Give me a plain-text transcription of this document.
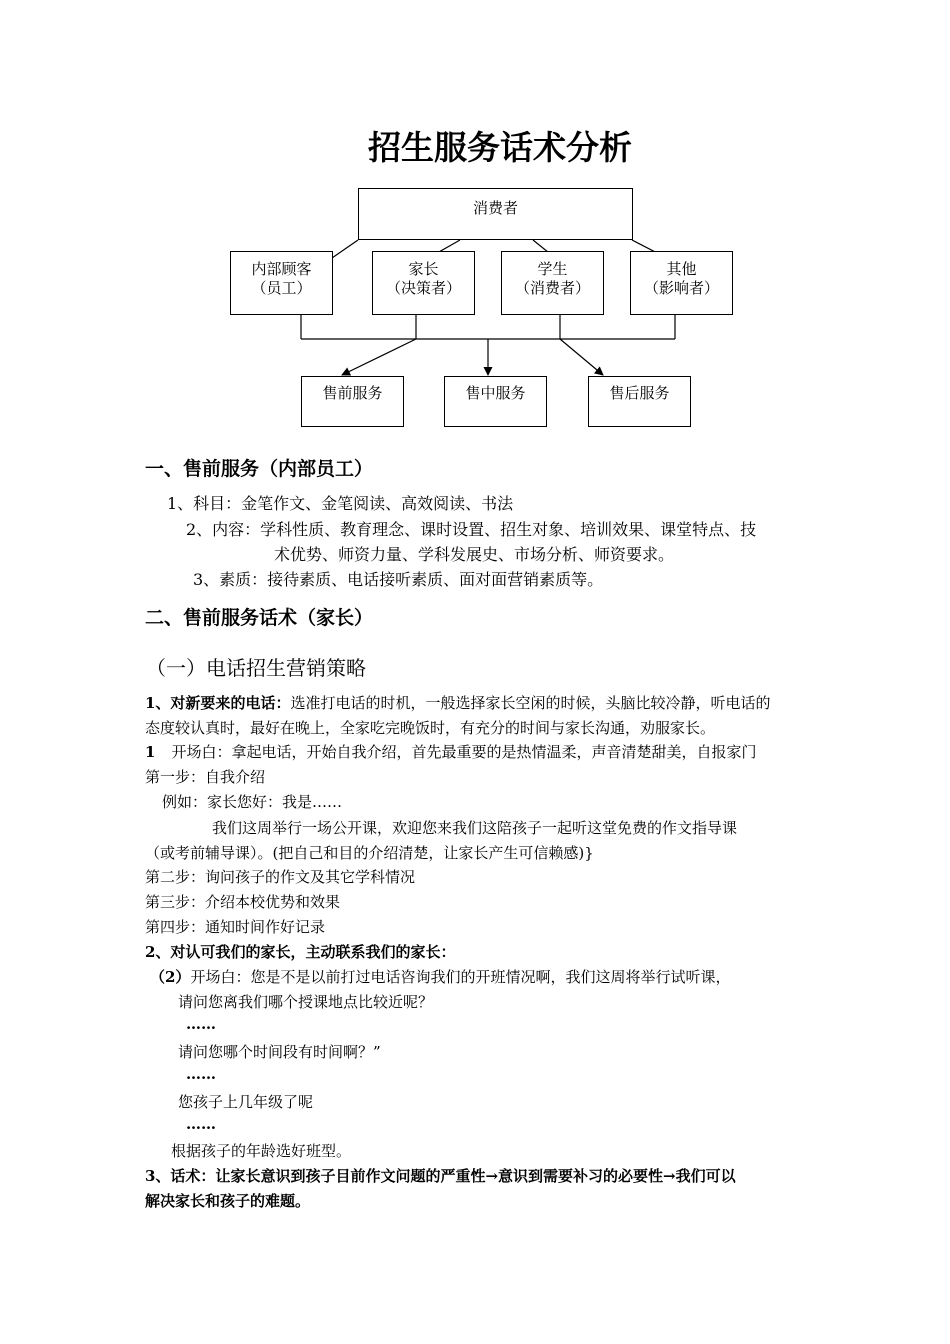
招生服务话术分析
消费者
内部顾客
（员工）
家长
（决策者）
学生
（消费者）
其他
（影响者）
售前服务	售中服务	售后服务
一、售前服务（内部员工）
1、科目：金笔作文、金笔阅读、高效阅读、书法
2、内容：学科性质、教育理念、课时设置、招生对象、培训效果、课堂特点、技
术优势、师资力量、学科发展史、市场分析、师资要求。
3、素质：接待素质、电话接听素质、面对面营销素质等。
二、售前服务话术（家长）
（一）电话招生营销策略
1、对新要来的电话：选准打电话的时机，一般选择家长空闲的时候，头脑比较冷静，听电话的
态度较认真时，最好在晚上，全家吃完晚饭时，有充分的时间与家长沟通，劝服家长。
1 开场白：拿起电话，开始自我介绍，首先最重要的是热情温柔，声音清楚甜美，自报家门
第一步：自我介绍
例如：家长您好：我是……
我们这周举行一场公开课，欢迎您来我们这陪孩子一起听这堂免费的作文指导课
（或考前辅导课）。(把自己和目的介绍清楚，让家长产生可信赖感)}
第二步：询问孩子的作文及其它学科情况
第三步：介绍本校优势和效果
第四步：通知时间作好记录
2、对认可我们的家长，主动联系我们的家长：
（2）开场白：您是不是以前打过电话咨询我们的开班情况啊，我们这周将举行试听课，
请问您离我们哪个授课地点比较近呢？
……
请问您哪个时间段有时间啊？”
……
您孩子上几年级了呢
……
根据孩子的年龄选好班型。
3、话术：让家长意识到孩子目前作文问题的严重性→意识到需要补习的必要性→我们可以
解决家长和孩子的难题。
